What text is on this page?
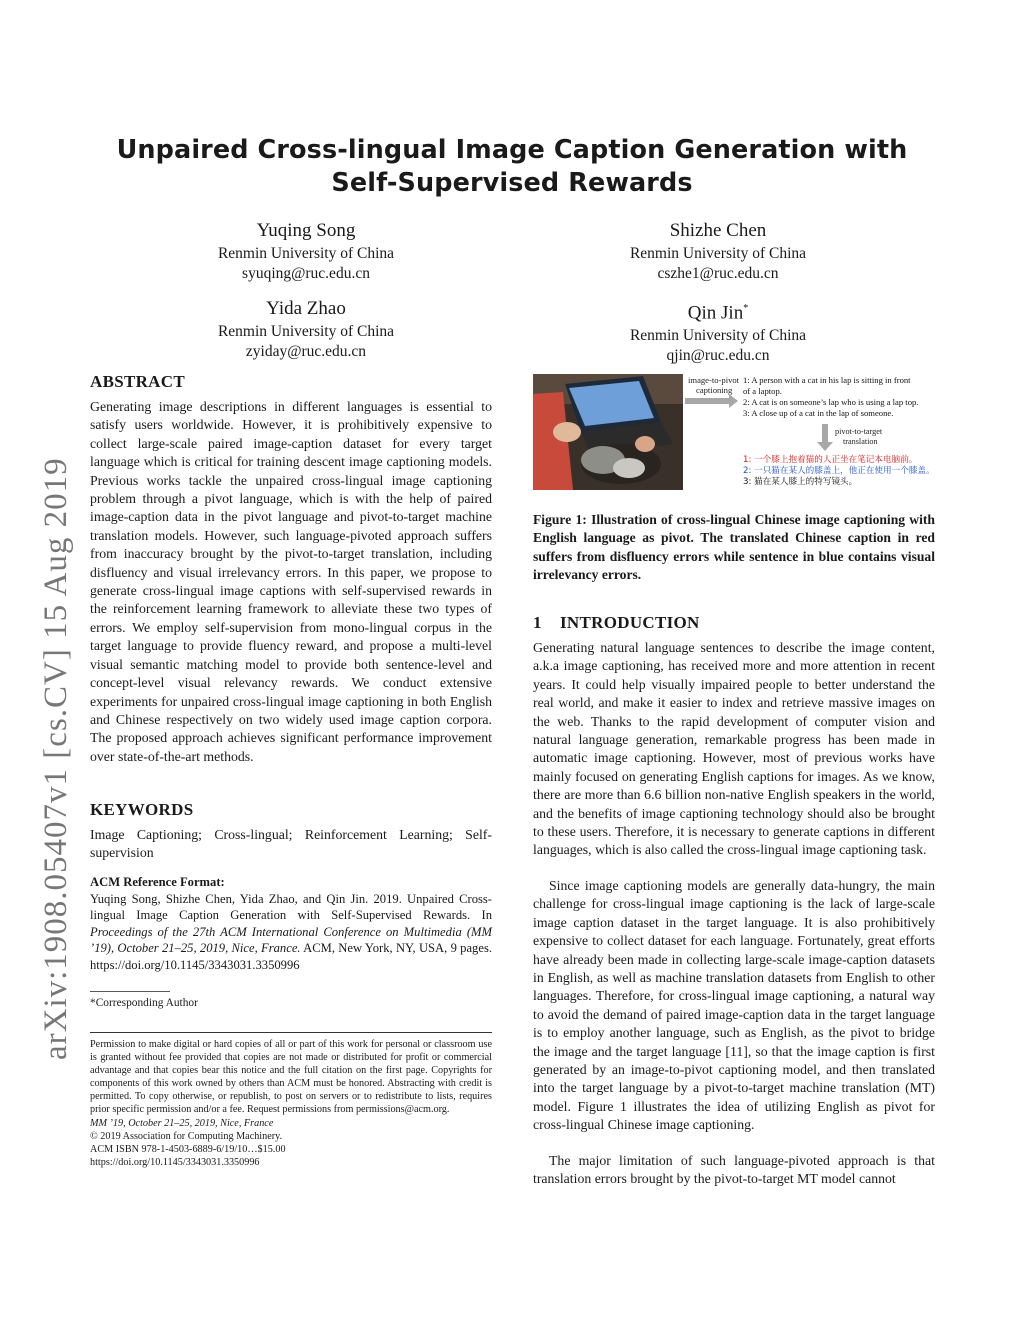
arXiv:1908.05407v1 [cs.CV] 15 Aug 2019
Unpaired Cross-lingual Image Caption Generation with
Self-Supervised Rewards
Yuqing Song
Renmin University of China
syuqing@ruc.edu.cn
Shizhe Chen
Renmin University of China
cszhe1@ruc.edu.cn
Yida Zhao
Renmin University of China
zyiday@ruc.edu.cn
Qin Jin*
Renmin University of China
qjin@ruc.edu.cn
ABSTRACT
Generating image descriptions in different languages is essential to satisfy users worldwide. However, it is prohibitively expensive to collect large-scale paired image-caption dataset for every target language which is critical for training descent image captioning models. Previous works tackle the unpaired cross-lingual image captioning problem through a pivot language, which is with the help of paired image-caption data in the pivot language and pivot-to-target machine translation models. However, such language-pivoted approach suffers from inaccuracy brought by the pivot-to-target translation, including disfluency and visual irrelevancy errors. In this paper, we propose to generate cross-lingual image captions with self-supervised rewards in the reinforcement learning framework to alleviate these two types of errors. We employ self-supervision from mono-lingual corpus in the target language to provide fluency reward, and propose a multi-level visual semantic matching model to provide both sentence-level and concept-level visual relevancy rewards. We conduct extensive experiments for unpaired cross-lingual image captioning in both English and Chinese respectively on two widely used image caption corpora. The proposed approach achieves significant performance improvement over state-of-the-art methods.
KEYWORDS
Image Captioning; Cross-lingual; Reinforcement Learning; Self-supervision
ACM Reference Format:
Yuqing Song, Shizhe Chen, Yida Zhao, and Qin Jin. 2019. Unpaired Cross-lingual Image Caption Generation with Self-Supervised Rewards. In Proceedings of the 27th ACM International Conference on Multimedia (MM ’19), October 21–25, 2019, Nice, France. ACM, New York, NY, USA, 9 pages. https://doi.org/10.1145/3343031.3350996
*Corresponding Author
Permission to make digital or hard copies of all or part of this work for personal or classroom use is granted without fee provided that copies are not made or distributed for profit or commercial advantage and that copies bear this notice and the full citation on the first page. Copyrights for components of this work owned by others than ACM must be honored. Abstracting with credit is permitted. To copy otherwise, or republish, to post on servers or to redistribute to lists, requires prior specific permission and/or a fee. Request permissions from permissions@acm.org.
MM ’19, October 21–25, 2019, Nice, France
© 2019 Association for Computing Machinery.
ACM ISBN 978-1-4503-6889-6/19/10…$15.00
https://doi.org/10.1145/3343031.3350996
image-to-pivot
captioning
1: A person with a cat in his lap is sitting in front
of a laptop.
2: A cat is on someone’s lap who is using a lap top.
3: A close up of a cat in the lap of someone.
pivot-to-target
translation
1: 一个膝上抱着猫的人正坐在笔记本电脑前。
2: 一只猫在某人的膝盖上，他正在使用一个膝盖。
3: 猫在某人膝上的特写镜头。
Figure 1: Illustration of cross-lingual Chinese image captioning with English language as pivot. The translated Chinese caption in red suffers from disfluency errors while sentence in blue contains visual irrelevancy errors.
1 INTRODUCTION
Generating natural language sentences to describe the image content, a.k.a image captioning, has received more and more attention in recent years. It could help visually impaired people to better understand the real world, and make it easier to index and retrieve massive images on the web. Thanks to the rapid development of computer vision and natural language generation, remarkable progress has been made in automatic image captioning. However, most of previous works have mainly focused on generating English captions for images. As we know, there are more than 6.6 billion non-native English speakers in the world, and the benefits of image captioning technology should also be brought to these users. Therefore, it is necessary to generate captions in different languages, which is also called the cross-lingual image captioning task.
Since image captioning models are generally data-hungry, the main challenge for cross-lingual image captioning is the lack of large-scale image caption dataset in the target language. It is also prohibitively expensive to collect dataset for each language. Fortunately, great efforts have already been made in collecting large-scale image-caption datasets in English, as well as machine translation datasets from English to other languages. Therefore, for cross-lingual image captioning, a natural way to avoid the demand of paired image-caption data in the target language is to employ another language, such as English, as the pivot to bridge the image and the target language [11], so that the image caption is first generated by an image-to-pivot captioning model, and then translated into the target language by a pivot-to-target machine translation (MT) model. Figure 1 illustrates the idea of utilizing English as pivot for cross-lingual Chinese image captioning.
The major limitation of such language-pivoted approach is that translation errors brought by the pivot-to-target MT model cannot
